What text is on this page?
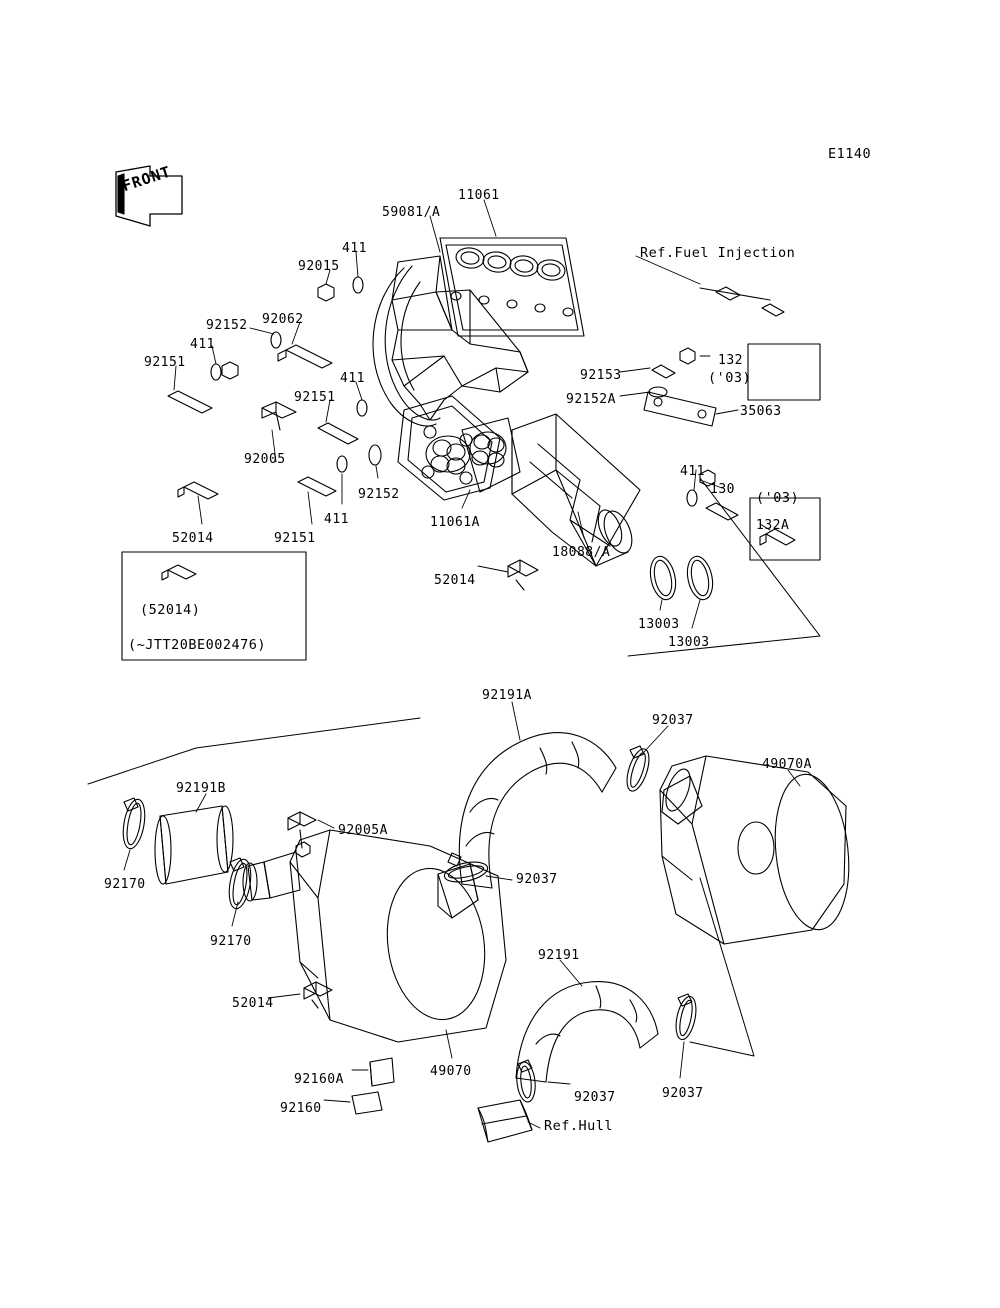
E1140
FRONT
Ref.Fuel Injection
Ref.Hull
('03)
('03)
(52014)
(~JTT20BE002476)
11061
59081/A
411
92015
92152 92062
411
92151
411
92151
92005
92152
411
92151
52014
11061A
52014
18088/A
13003
13003
92153
92152A
132
35063
411
130
132A
92191A
92037
49070A
92191B
92005A
92037
92170
92170
92191
52014
49070
92037	92037
92160A
92160
